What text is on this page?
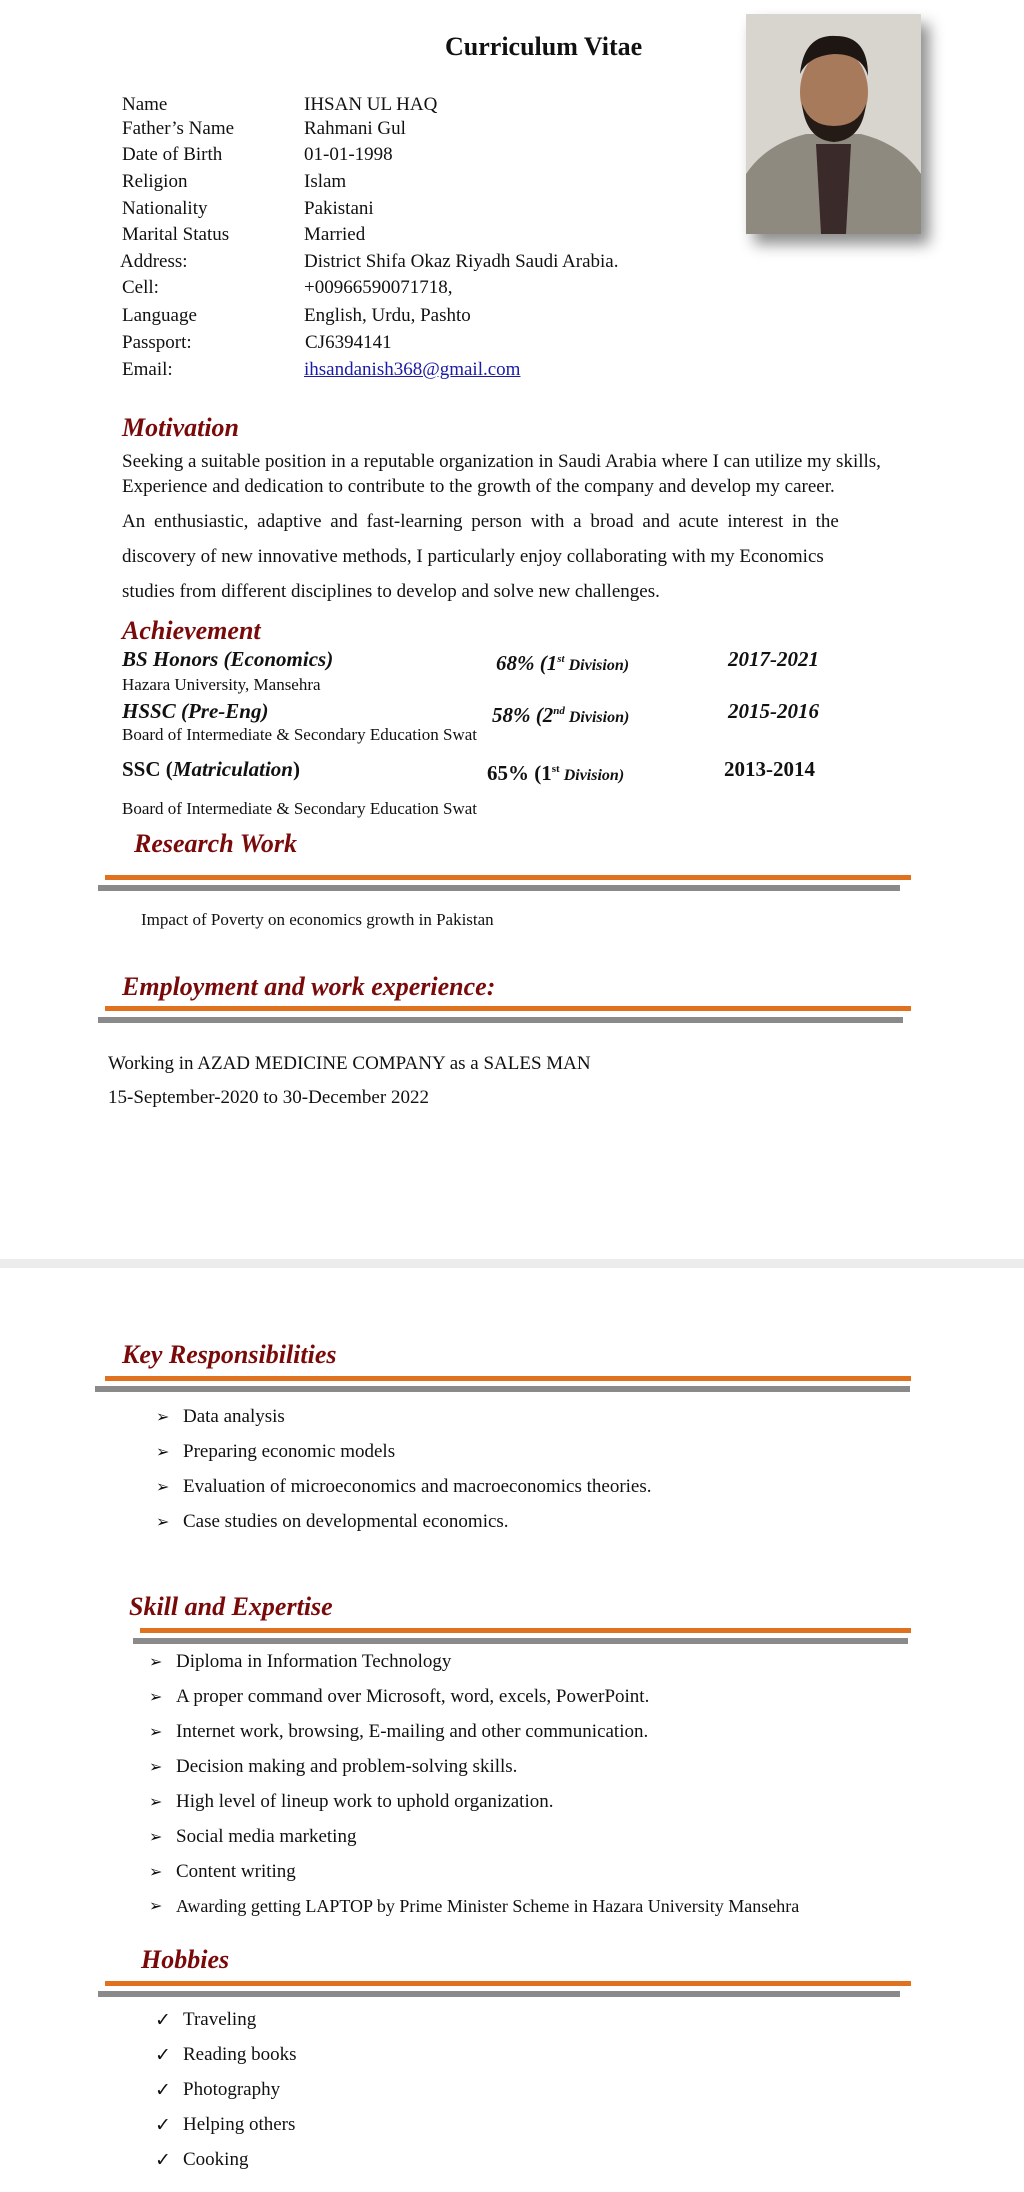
Curriculum Vitae
Name	IHSAN UL HAQ
Father’s Name	Rahmani Gul
Date of Birth	01-01-1998
Religion	Islam
Nationality	Pakistani
Marital Status	Married
Address:	District Shifa Okaz Riyadh Saudi Arabia.
Cell:	+00966590071718,
Language	English, Urdu, Pashto
Passport:	CJ6394141
Email:	ihsandanish368@gmail.com
Motivation
Seeking a suitable position in a reputable organization in Saudi Arabia where I can utilize my skills,
Experience and dedication to contribute to the growth of the company and develop my career.
An enthusiastic, adaptive and fast-learning person with a broad and acute interest in the
discovery of new innovative methods, I particularly enjoy collaborating with my Economics
studies from different disciplines to develop and solve new challenges.
Achievement
BS Honors (Economics)	68% (1st Division)	2017-2021
Hazara University, Mansehra
HSSC (Pre-Eng)	58% (2nd Division)	2015-2016
Board of Intermediate & Secondary Education Swat
SSC (Matriculation)	65% (1st Division)	2013-2014
Board of Intermediate & Secondary Education Swat
Research Work
Impact of Poverty on economics growth in Pakistan
Employment and work experience:
Working in AZAD MEDICINE COMPANY as a SALES MAN
15-September-2020 to 30-December 2022
Key Responsibilities
➢ Data analysis
➢ Preparing economic models
➢ Evaluation of microeconomics and macroeconomics theories.
➢ Case studies on developmental economics.
Skill and Expertise
➢ Diploma in Information Technology
➢ A proper command over Microsoft, word, excels, PowerPoint.
➢ Internet work, browsing, E-mailing and other communication.
➢ Decision making and problem-solving skills.
➢ High level of lineup work to uphold organization.
➢ Social media marketing
➢ Content writing
➢ Awarding getting LAPTOP by Prime Minister Scheme in Hazara University Mansehra
Hobbies
✓ Traveling
✓ Reading books
✓ Photography
✓ Helping others
✓ Cooking
